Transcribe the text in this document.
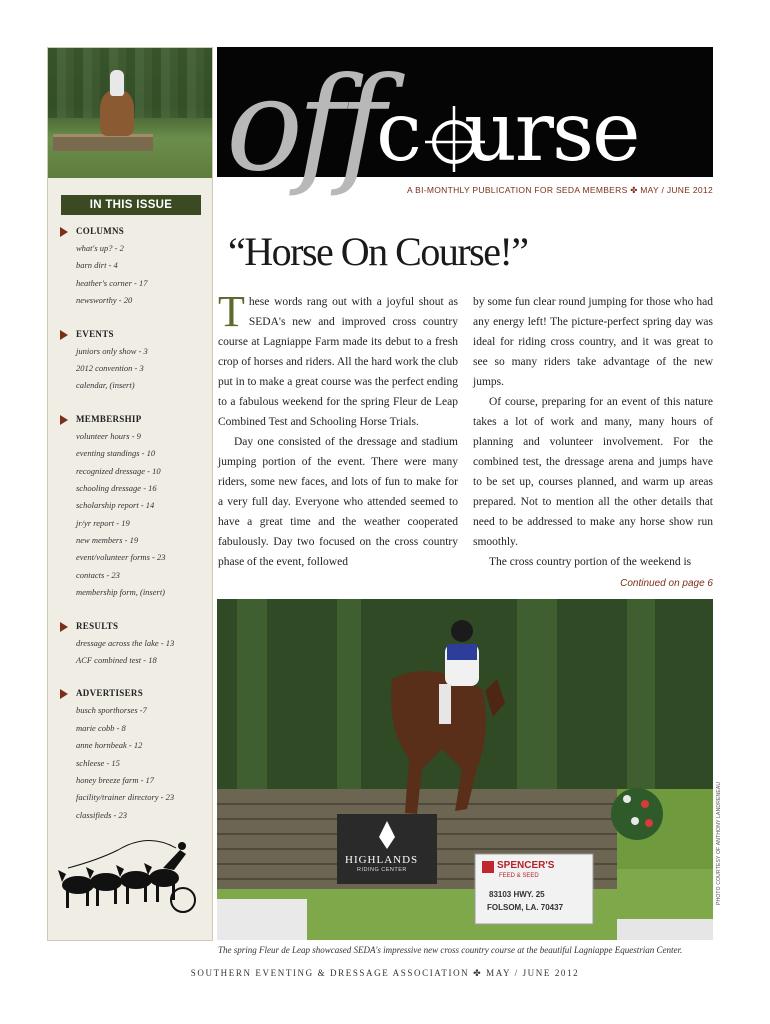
IN THIS ISSUE
COLUMNS
what's up? - 2
barn dirt - 4
heather's corner - 17
newsworthy - 20
EVENTS
juniors only show - 3
2012 convention - 3
calendar, (insert)
MEMBERSHIP
volunteer hours - 9
eventing standings - 10
recognized dressage - 10
schooling dressage - 16
scholarship report - 14
jr/yr report - 19
new members - 19
event/volunteer forms - 23
contacts - 23
membership form, (insert)
RESULTS
dressage across the lake - 13
ACF combined test - 18
ADVERTISERS
busch sporthorses -7
marie cobb - 8
anne hornbeak - 12
schleese - 15
honey breeze farm - 17
facility/trainer directory - 23
classifieds - 23
off
c urse
A BI-MONTHLY PUBLICATION FOR SEDA MEMBERS ✤ MAY / JUNE 2012
“Horse On Course!”

These words rang out with a joyful shout as SEDA's new and improved cross country course at Lagniappe Farm made its debut to a fresh crop of horses and riders. All the hard work the club put in to make a great course was the perfect ending to a fabulous weekend for the spring Fleur de Leap Combined Test and Schooling Horse Trials.

Day one consisted of the dressage and stadium jumping portion of the event. There were many riders, some new faces, and lots of fun to make for a very full day. Everyone who attended seemed to have a great time and the weather cooperated fabulously. Day two focused on the cross country phase of the event, followed

by some fun clear round jumping for those who had any energy left! The picture-perfect spring day was ideal for riding cross country, and it was great to see so many riders take advantage of the new jumps.

Of course, preparing for an event of this nature takes a lot of work and many, many hours of planning and volunteer involvement. For the combined test, the dressage arena and jumps have to be set up, courses planned, and warm up areas prepared. Not to mention all the other details that need to be addressed to make any horse show run smoothly.

The cross country portion of the weekend is

Continued on page 6
HIGHLANDS
RIDING CENTER	SPENCER'S
FEED & SEED
83103 HWY. 25
FOLSOM, LA. 70437
PHOTO COURTESY OF ANTHONY LANDRENEAU
The spring Fleur de Leap showcased SEDA's impressive new cross country course at the beautiful Lagniappe Equestrian Center.
SOUTHERN EVENTING & DRESSAGE ASSOCIATION ✤ MAY / JUNE 2012
